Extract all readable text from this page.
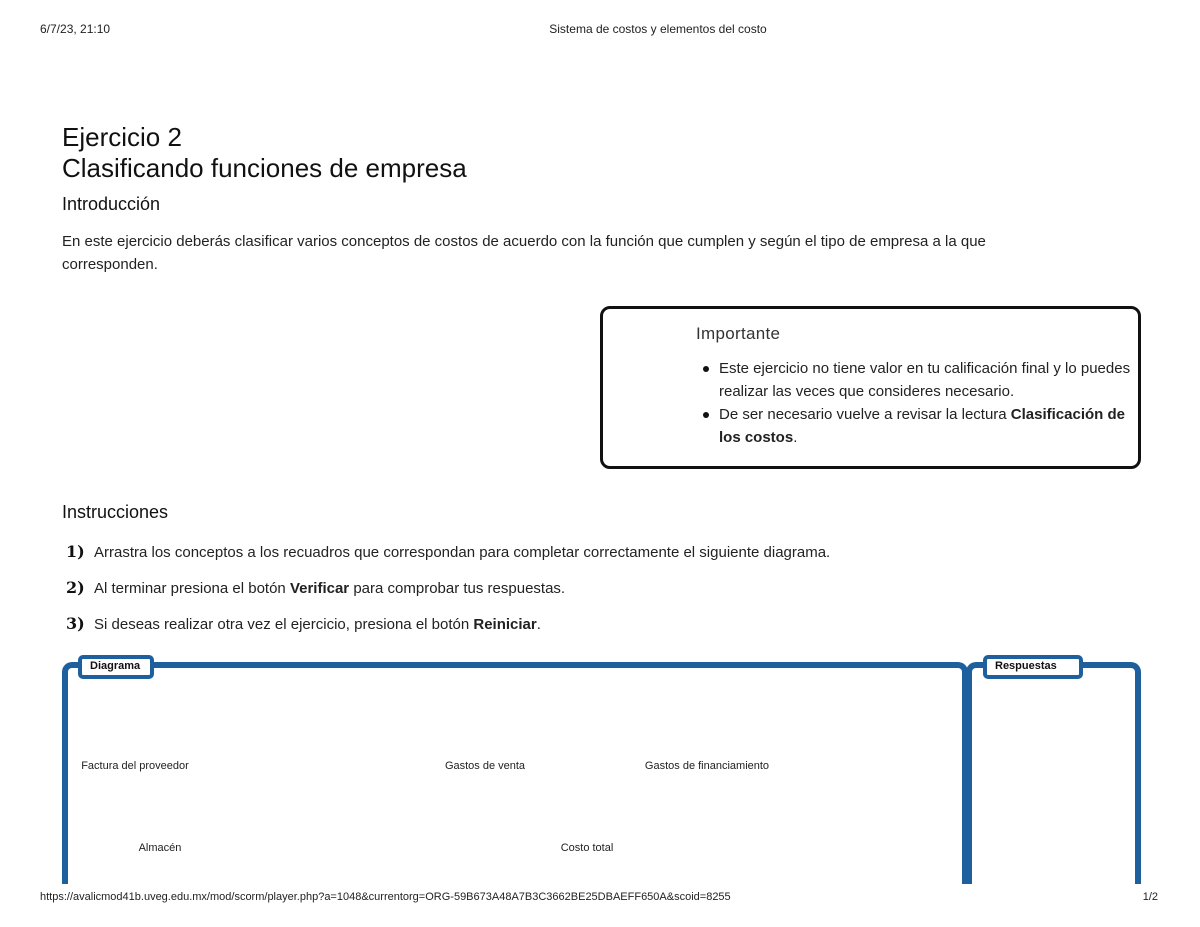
6/7/23, 21:10	Sistema de costos y elementos del costo
Ejercicio 2
Clasificando funciones de empresa
Introducción
En este ejercicio deberás clasificar varios conceptos de costos de acuerdo con la función que cumplen y según el tipo de empresa a la que corresponden.
Importante
Este ejercicio no tiene valor en tu calificación final y lo puedes realizar las veces que consideres necesario.
De ser necesario vuelve a revisar la lectura Clasificación de los costos.
Instrucciones
1) Arrastra los conceptos a los recuadros que correspondan para completar correctamente el siguiente diagrama.
2) Al terminar presiona el botón Verificar para comprobar tus respuestas.
3) Si deseas realizar otra vez el ejercicio, presiona el botón Reiniciar.
Diagrama	Respuestas
Factura del proveedor	Gastos de venta	Gastos de financiamiento
Almacén	Costo total
https://avalicmod41b.uveg.edu.mx/mod/scorm/player.php?a=1048&currentorg=ORG-59B673A48A7B3C3662BE25DBAEFF650A&scoid=8255	1/2
